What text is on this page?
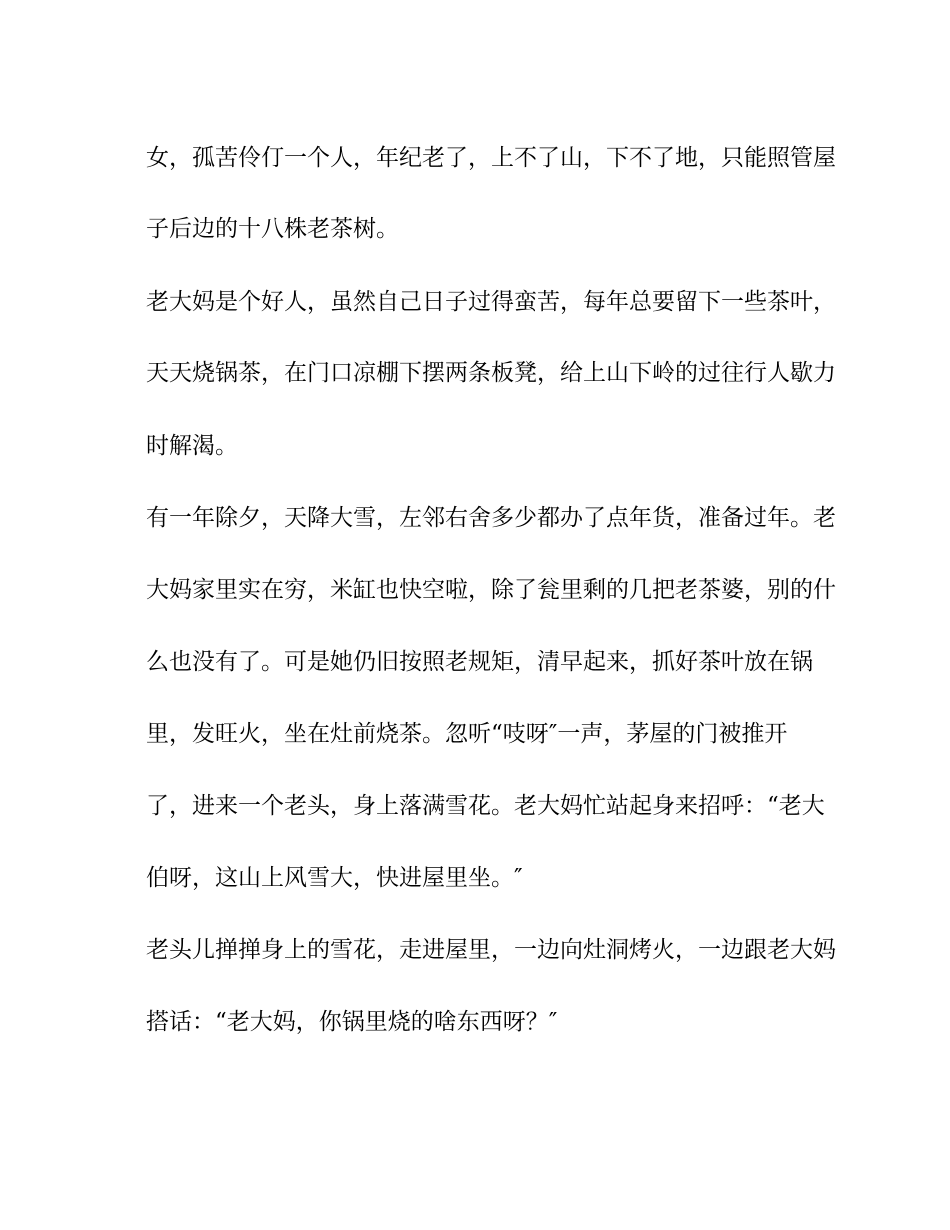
女，孤苦伶仃一个人，年纪老了，上不了山，下不了地，只能照管屋

子后边的十八株老茶树。

老大妈是个好人，虽然自己日子过得蛮苦，每年总要留下一些茶叶，

天天烧锅茶，在门口凉棚下摆两条板凳，给上山下岭的过往行人歇力

时解渴。

有一年除夕，天降大雪，左邻右舍多少都办了点年货，准备过年。老

大妈家里实在穷，米缸也快空啦，除了瓮里剩的几把老茶婆，别的什

么也没有了。可是她仍旧按照老规矩，清早起来，抓好茶叶放在锅

里，发旺火，坐在灶前烧茶。忽听“吱呀″一声，茅屋的门被推开

了，进来一个老头，身上落满雪花。老大妈忙站起身来招呼：“老大

伯呀，这山上风雪大，快进屋里坐。″

老头儿掸掸身上的雪花，走进屋里，一边向灶洞烤火，一边跟老大妈

搭话：“老大妈，你锅里烧的啥东西呀？″
